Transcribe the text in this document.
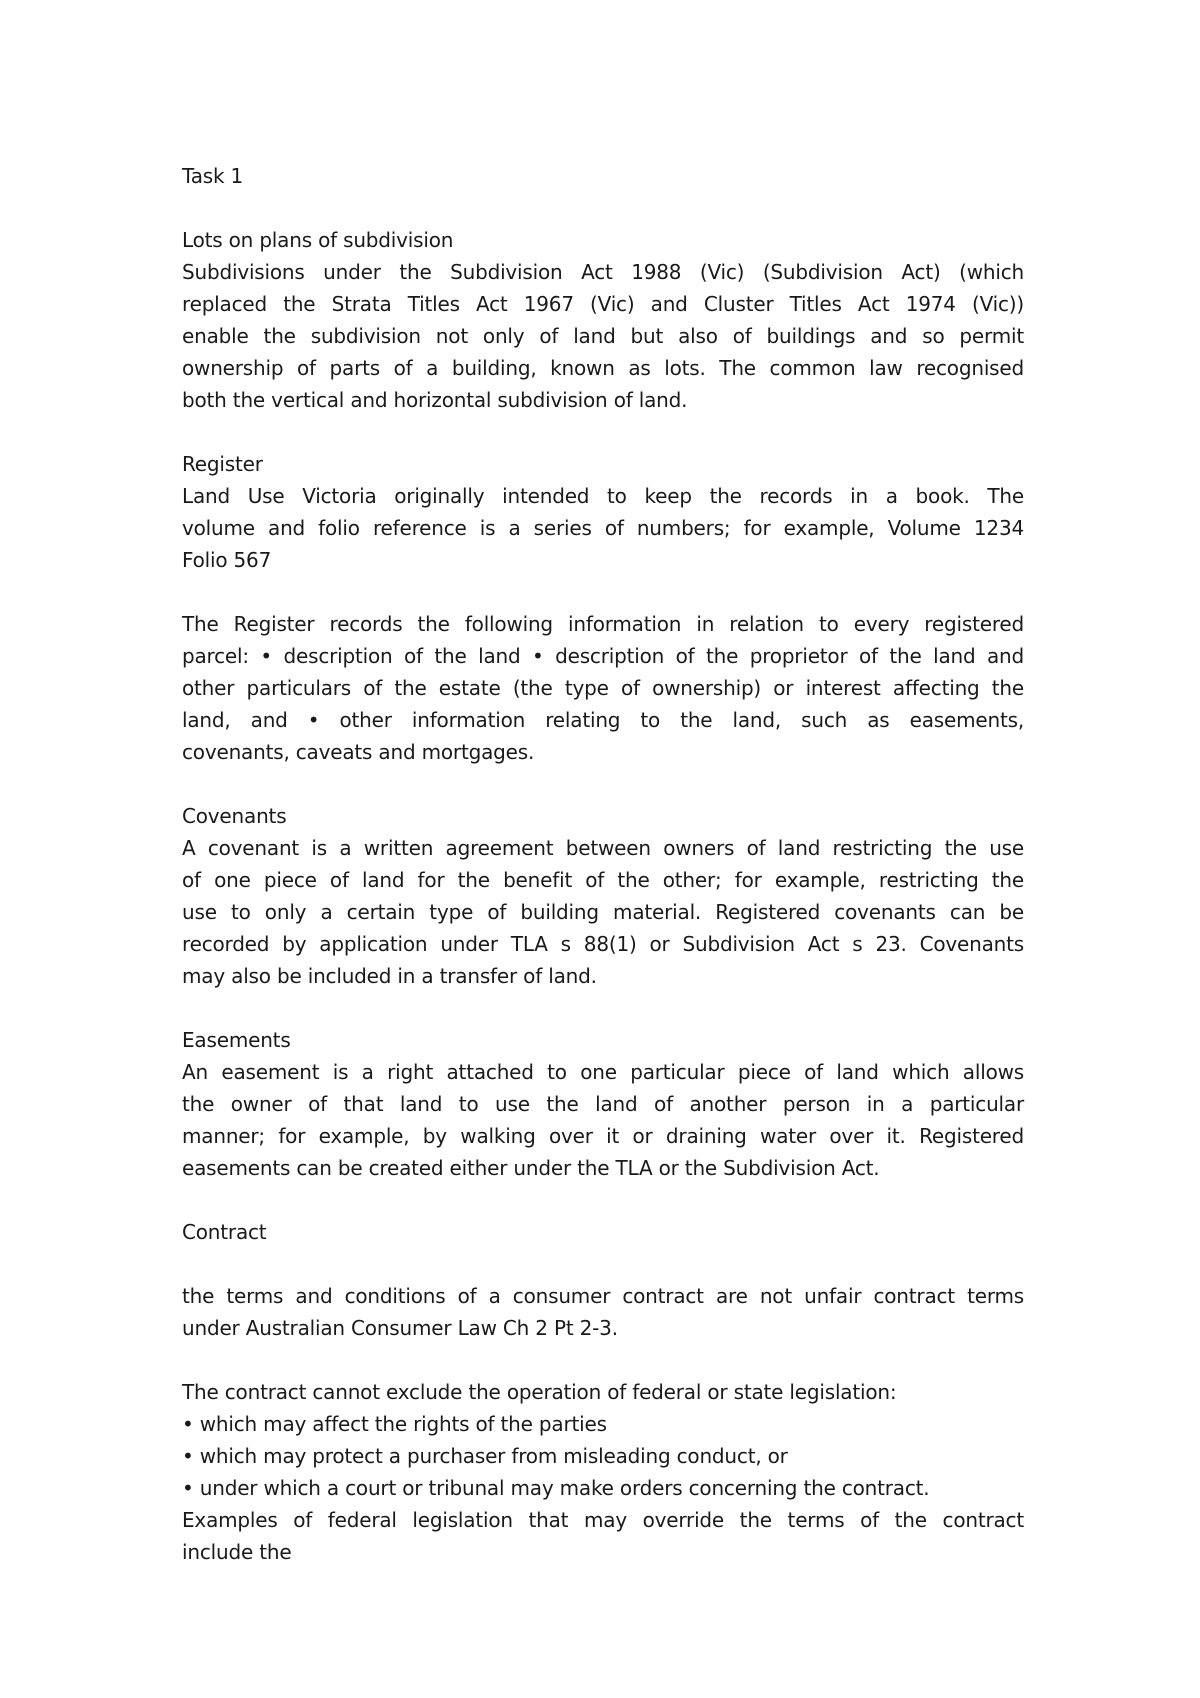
Task 1
Lots on plans of subdivision
Subdivisions under the Subdivision Act 1988 (Vic) (Subdivision Act) (which
replaced the Strata Titles Act 1967 (Vic) and Cluster Titles Act 1974 (Vic))
enable the subdivision not only of land but also of buildings and so permit
ownership of parts of a building, known as lots. The common law recognised
both the vertical and horizontal subdivision of land.
Register
Land Use Victoria originally intended to keep the records in a book. The
volume and folio reference is a series of numbers; for example, Volume 1234
Folio 567
The Register records the following information in relation to every registered
parcel: • description of the land • description of the proprietor of the land and
other particulars of the estate (the type of ownership) or interest affecting the
land, and • other information relating to the land, such as easements,
covenants, caveats and mortgages.
Covenants
A covenant is a written agreement between owners of land restricting the use
of one piece of land for the benefit of the other; for example, restricting the
use to only a certain type of building material. Registered covenants can be
recorded by application under TLA s 88(1) or Subdivision Act s 23. Covenants
may also be included in a transfer of land.
Easements
An easement is a right attached to one particular piece of land which allows
the owner of that land to use the land of another person in a particular
manner; for example, by walking over it or draining water over it. Registered
easements can be created either under the TLA or the Subdivision Act.
Contract
the terms and conditions of a consumer contract are not unfair contract terms
under Australian Consumer Law Ch 2 Pt 2-3.
The contract cannot exclude the operation of federal or state legislation:
• which may affect the rights of the parties
• which may protect a purchaser from misleading conduct, or
• under which a court or tribunal may make orders concerning the contract.
Examples of federal legislation that may override the terms of the contract
include the
